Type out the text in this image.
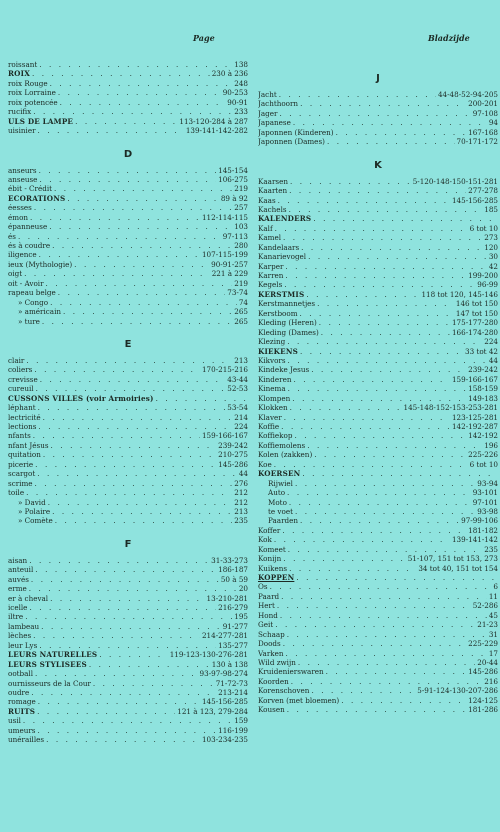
Page	Bladzijde
roissant . . .	138
ROIX . . .	230 à 236
roix Rouge . . .	248
roix Lorraine . . .	90-253
roix potencée . . .	90-91
rucifix . . .	233
ULS DE LAMPE . . .	113-120-284 à 287
uisinier . . .	139-141-142-282
D
anseurs . . .	145-154
anseuse . . .	106-275
ébit - Crédit . . .	219
ECORATIONS . . .	89 à 92
éesses . . .	257
émon . . .	112-114-115
épanneuse . . .	103
és . . .	97-113
és à coudre . . .	280
iligence . . .	107-115-199
ieux (Mythologie) . . .	90-91-257
oigt . . .	221 à 229
oit - Avoir . . .	219
rapeau belge . . .	73-74
» Congo . . .	74
» américain . . .	265
» ture . . .	265
E
clair . . .	213
coliers . . .	170-215-216
crevisse . . .	43-44
cureuil . . .	52-53
CUSSONS VILLES (voir Armoiries)
. . .
léphant . . .	53-54
lectricité . . .	214
lections . . .	224
nfants . . .	159-166-167
nfant Jésus . . .	239-242
quitation . . .	210-275
picerie . . .	145-286
scargot . . .	44
scrime . . .	276
toile . . .	212
» David . . .	212
» Polaire . . .	213
» Comète . . .	235
F
aisan . . .	31-33-273
anteuil . . .	186-187
auvés . . .	50 à 59
erme . . .	20
er à cheval . . .	13-210-281
icelle . . .	216-279
iltre . . .	195
lambeau . . .	91-277
lèches . . .	214-277-281
leur Lys . . .	135-277
LEURS NATURELLES . . .	119-123-130-276-281
LEURS STYLISEES . . .	130 à 138
ootball . . .	93-97-98-274
ournisseurs de la Cour . . .	71-72-73
oudre . . .	213-214
romage . . .	145-156-285
RUITS . . .	121 à 123, 279-284
usil . . .	159
umeurs . . .	116-199
unérailles . . .	103-234-235
J
Jacht . . .	44-48-52-94-205
Jachthoorn . . .	200-201
Jager . . .	97-108
Japanese . . .	94
Japonnen (Kinderen) . . .	167-168
Japonnen (Dames) . . .	70-171-172
K
Kaarsen . . .	5-120-148-150-151-281
Kaarten . . .	277-278
Kaas . . .	145-156-285
Kachels . . .	185
KALENDERS
. . .
Kalf . . .	6 tot 10
Kamel . . .	273
Kandelaars . . .	120
Kanarievogel . . .	30
Karper . . .	42
Karren . . .	199-200
Kegels . . .	96-99
KERSTMIS . . .	118 tot 120, 145-146
Kerstmannetjes . . .	146 tot 150
Kerstboom . . .	147 tot 150
Kleding (Heren) . . .	175-177-280
Kleding (Dames) . . .	166-174-280
Klezing . . .	224
KIEKENS . . .	33 tot 42
Kikvors . . .	44
Kindeke Jesus . . .	239-242
Kinderen . . .	159-166-167
Kinema . . .	158-159
Klompen . . .	149-183
Klokken . . .	145-148-152-153-253-281
Klaver . . .	123-125-281
Koffie . . .	142-192-287
Koffiekop . . .	142-192
Koffiemolens . . .	196
Kolen (zakken) . . .	225-226
Koe . . .	6 tot 10
KOERSEN
. . .
Rijwiel . . .	93-94
Auto . . .	93-101
Moto . . .	97-101
te voet . . .	93-98
Paarden . . .	97-99-106
Koffer . . .	181-182
Kok . . .	139-141-142
Komeet . . .	235
Konijn . . .	51-107, 151 tot 153, 273
Kuikens . . .	34 tot 40, 151 tot 154
KOPPEN
. . .
Os . . .	6
Paard . . .	11
Hert . . .	52-286
Hond . . .	45
Geit . . .	21-23
Schaap . . .	31
Doods . . .	225-229
Varken . . .	17
Wild zwijn . . .	20-44
Kruidenierswaren . . .	145-286
Koorden . . .	216
Korenschoven . . .	5-91-124-130-207-286
Korven (met bloemen) . . .	124-125
Kousen . . .	181-286
